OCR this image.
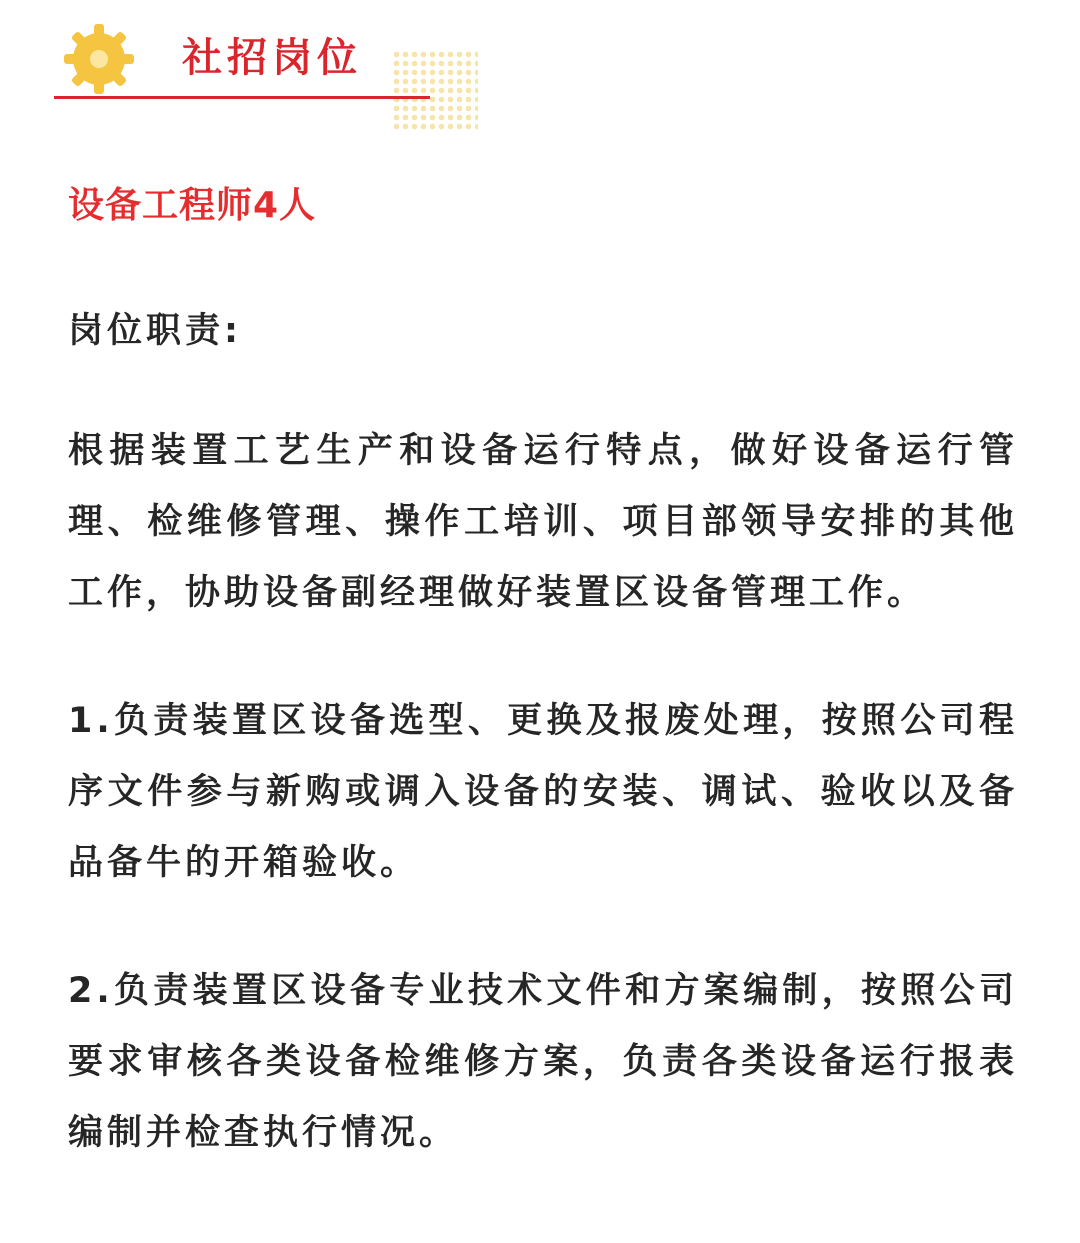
社招岗位
设备工程师4人

岗位职责:

根据装置工艺生产和设备运行特点，做好设备运行管理、检维修管理、操作工培训、项目部领导安排的其他工作，协助设备副经理做好装置区设备管理工作。

1.负责装置区设备选型、更换及报废处理，按照公司程序文件参与新购或调入设备的安装、调试、验收以及备品备牛的开箱验收。

2.负责装置区设备专业技术文件和方案编制，按照公司要求审核各类设备检维修方案，负责各类设备运行报表编制并检查执行情况。
